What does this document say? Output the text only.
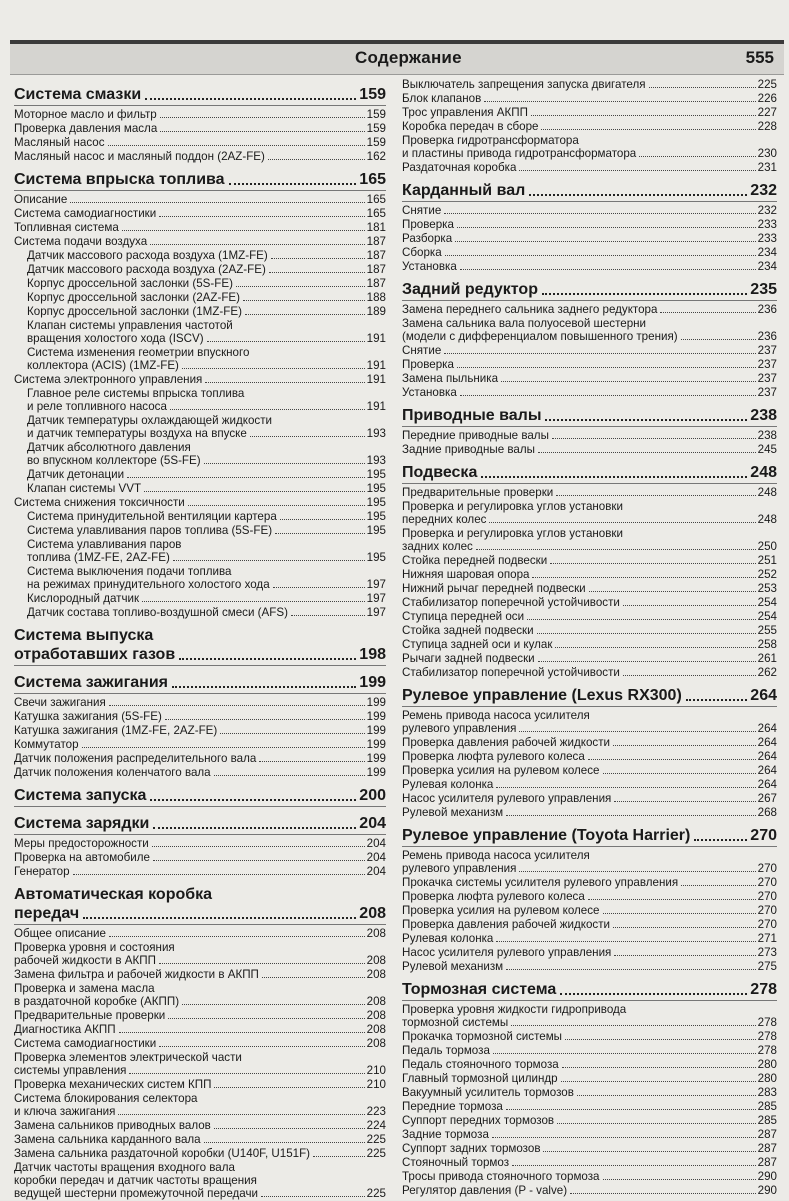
Содержание	555
Система смазки	159
Моторное масло и фильтр	159
Проверка давления масла	159
Масляный насос	159
Масляный насос и масляный поддон (2AZ-FE)	162
Система впрыска топлива	165
Описание	165
Система самодиагностики	165
Топливная система	181
Система подачи воздуха	187
Датчик массового расхода воздуха (1MZ-FE)	187
Датчик массового расхода воздуха (2AZ-FE)	187
Корпус дроссельной заслонки (5S-FE)	187
Корпус дроссельной заслонки (2AZ-FE)	188
Корпус дроссельной заслонки (1MZ-FE)	189
Клапан системы управления частотой
вращения холостого хода (ISCV)	191
Система изменения геометрии впускного
коллектора (ACIS) (1MZ-FE)	191
Система электронного управления	191
Главное реле системы впрыска топлива
и реле топливного насоса	191
Датчик температуры охлаждающей жидкости
и датчик температуры воздуха на впуске	193
Датчик абсолютного давления
во впускном коллекторе (5S-FE)	193
Датчик детонации	195
Клапан системы VVT	195
Система снижения токсичности	195
Система принудительной вентиляции картера	195
Система улавливания паров топлива (5S-FE)	195
Система улавливания паров
топлива (1MZ-FE, 2AZ-FE)	195
Система выключения подачи топлива
на режимах принудительного холостого хода	197
Кислородный датчик	197
Датчик состава топливо-воздушной смеси (AFS)	197
Система выпуска
отработавших газов	198
Система зажигания	199
Свечи зажигания	199
Катушка зажигания (5S-FE)	199
Катушка зажигания (1MZ-FE, 2AZ-FE)	199
Коммутатор	199
Датчик положения распределительного вала	199
Датчик положения коленчатого вала	199
Система запуска	200
Система зарядки	204
Меры предосторожности	204
Проверка на автомобиле	204
Генератор	204
Автоматическая коробка
передач	208
Общее описание	208
Проверка уровня и состояния
рабочей жидкости в АКПП	208
Замена фильтра и рабочей жидкости в АКПП	208
Проверка и замена масла
в раздаточной коробке (АКПП)	208
Предварительные проверки	208
Диагностика АКПП	208
Система самодиагностики	208
Проверка элементов электрической части
системы управления	210
Проверка механических систем КПП	210
Система блокирования селектора
и ключа зажигания	223
Замена сальников приводных валов	224
Замена сальника карданного вала	225
Замена сальника раздаточной коробки (U140F, U151F)	225
Датчик частоты вращения входного вала
коробки передач и датчик частоты вращения
ведущей шестерни промежуточной передачи	225
Выключатель запрещения запуска двигателя	225
Блок клапанов	226
Трос управления АКПП	227
Коробка передач в сборе	228
Проверка гидротрансформатора
и пластины привода гидротрансформатора	230
Раздаточная коробка	231
Карданный вал	232
Снятие	232
Проверка	233
Разборка	233
Сборка	234
Установка	234
Задний редуктор	235
Замена переднего сальника заднего редуктора	236
Замена сальника вала полуосевой шестерни
(модели с дифференциалом повышенного трения)	236
Снятие	237
Проверка	237
Замена пыльника	237
Установка	237
Приводные валы	238
Передние приводные валы	238
Задние приводные валы	245
Подвеска	248
Предварительные проверки	248
Проверка и регулировка углов установки
передних колес	248
Проверка и регулировка углов установки
задних колес	250
Стойка передней подвески	251
Нижняя шаровая опора	252
Нижний рычаг передней подвески	253
Стабилизатор поперечной устойчивости	254
Ступица передней оси	254
Стойка задней подвески	255
Ступица задней оси и кулак	258
Рычаги задней подвески	261
Стабилизатор поперечной устойчивости	262
Рулевое управление (Lexus RX300)	264
Ремень привода насоса усилителя
рулевого управления	264
Проверка давления рабочей жидкости	264
Проверка люфта рулевого колеса	264
Проверка усилия на рулевом колесе	264
Рулевая колонка	264
Насос усилителя рулевого управления	267
Рулевой механизм	268
Рулевое управление (Toyota Harrier)	270
Ремень привода насоса усилителя
рулевого управления	270
Прокачка системы усилителя рулевого управления	270
Проверка люфта рулевого колеса	270
Проверка усилия на рулевом колесе	270
Проверка давления рабочей жидкости	270
Рулевая колонка	271
Насос усилителя рулевого управления	273
Рулевой механизм	275
Тормозная система	278
Проверка уровня жидкости гидропривода
тормозной системы	278
Прокачка тормозной системы	278
Педаль тормоза	278
Педаль стояночного тормоза	280
Главный тормозной цилиндр	280
Вакуумный усилитель тормозов	283
Передние тормоза	285
Суппорт передних тормозов	285
Задние тормоза	287
Суппорт задних тормозов	287
Стояночный тормоз	287
Тросы привода стояночного тормоза	290
Регулятор давления (P - valve)	290
